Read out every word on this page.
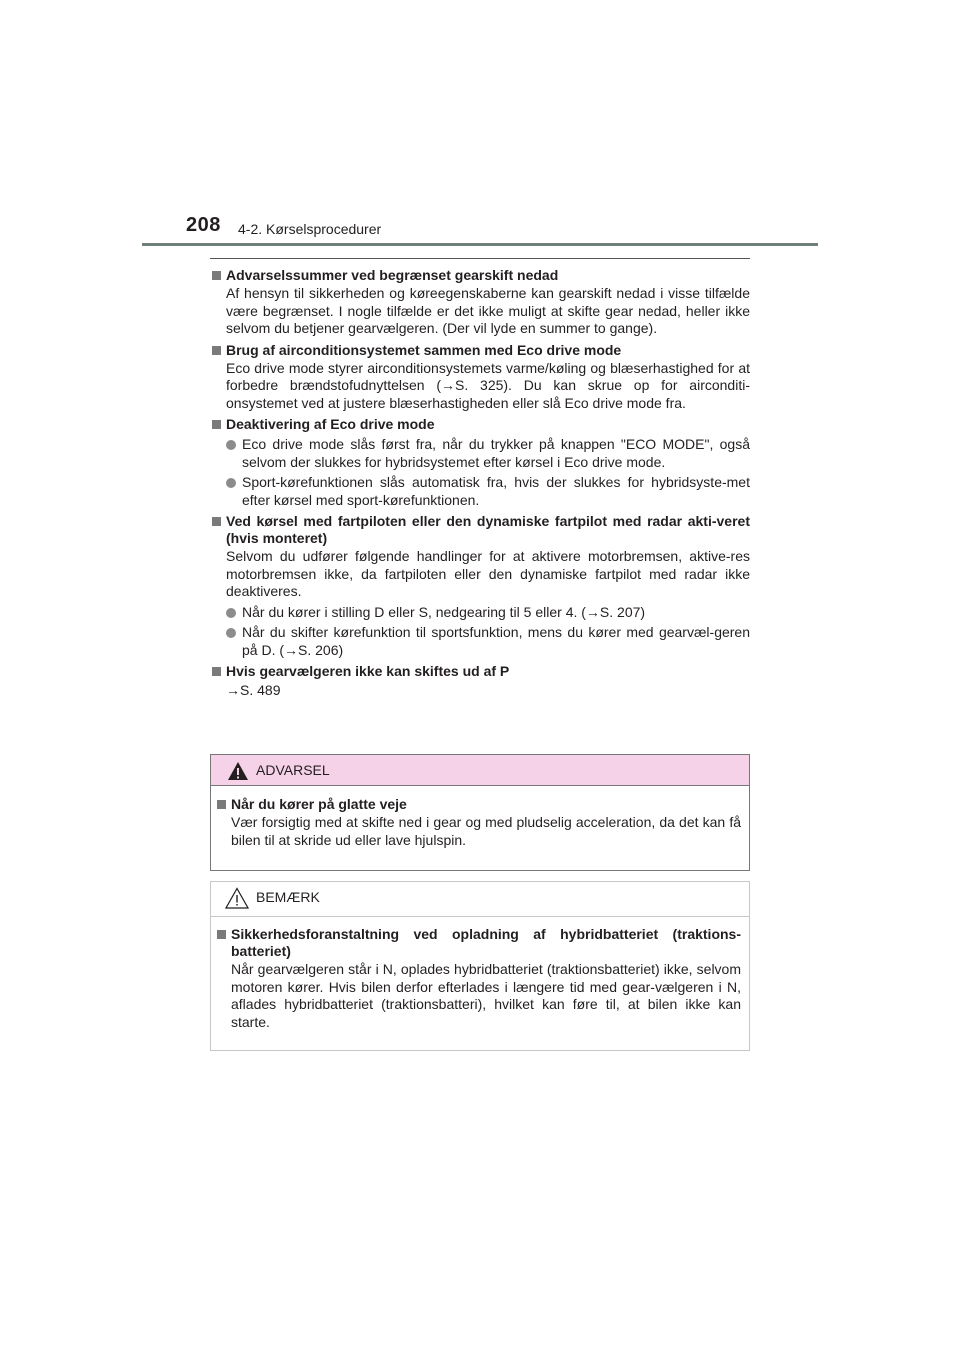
208 4-2. Kørselsprocedurer
Advarselssummer ved begrænset gearskift nedad
Af hensyn til sikkerheden og køreegenskaberne kan gearskift nedad i visse tilfælde være begrænset. I nogle tilfælde er det ikke muligt at skifte gear nedad, heller ikke selvom du betjener gearvælgeren. (Der vil lyde en summer to gange).
Brug af airconditionsystemet sammen med Eco drive mode
Eco drive mode styrer airconditionsystemets varme/køling og blæserhastighed for at forbedre brændstofudnyttelsen (→S. 325). Du kan skrue op for airconditi-onsystemet ved at justere blæserhastigheden eller slå Eco drive mode fra.
Deaktivering af Eco drive mode
Eco drive mode slås først fra, når du trykker på knappen "ECO MODE", også selvom der slukkes for hybridsystemet efter kørsel i Eco drive mode.
Sport-kørefunktionen slås automatisk fra, hvis der slukkes for hybridsyste-met efter kørsel med sport-kørefunktionen.
Ved kørsel med fartpiloten eller den dynamiske fartpilot med radar akti-veret (hvis monteret)
Selvom du udfører følgende handlinger for at aktivere motorbremsen, aktive-res motorbremsen ikke, da fartpiloten eller den dynamiske fartpilot med radar ikke deaktiveres.
Når du kører i stilling D eller S, nedgearing til 5 eller 4. (→S. 207)
Når du skifter kørefunktion til sportsfunktion, mens du kører med gearvæl-geren på D. (→S. 206)
Hvis gearvælgeren ikke kan skiftes ud af P
→S. 489
ADVARSEL
Når du kører på glatte veje
Vær forsigtig med at skifte ned i gear og med pludselig acceleration, da det kan få bilen til at skride ud eller lave hjulspin.
BEMÆRK
Sikkerhedsforanstaltning ved opladning af hybridbatteriet (traktions-batteriet)
Når gearvælgeren står i N, oplades hybridbatteriet (traktionsbatteriet) ikke, selvom motoren kører. Hvis bilen derfor efterlades i længere tid med gear-vælgeren i N, aflades hybridbatteriet (traktionsbatteri), hvilket kan føre til, at bilen ikke kan starte.
